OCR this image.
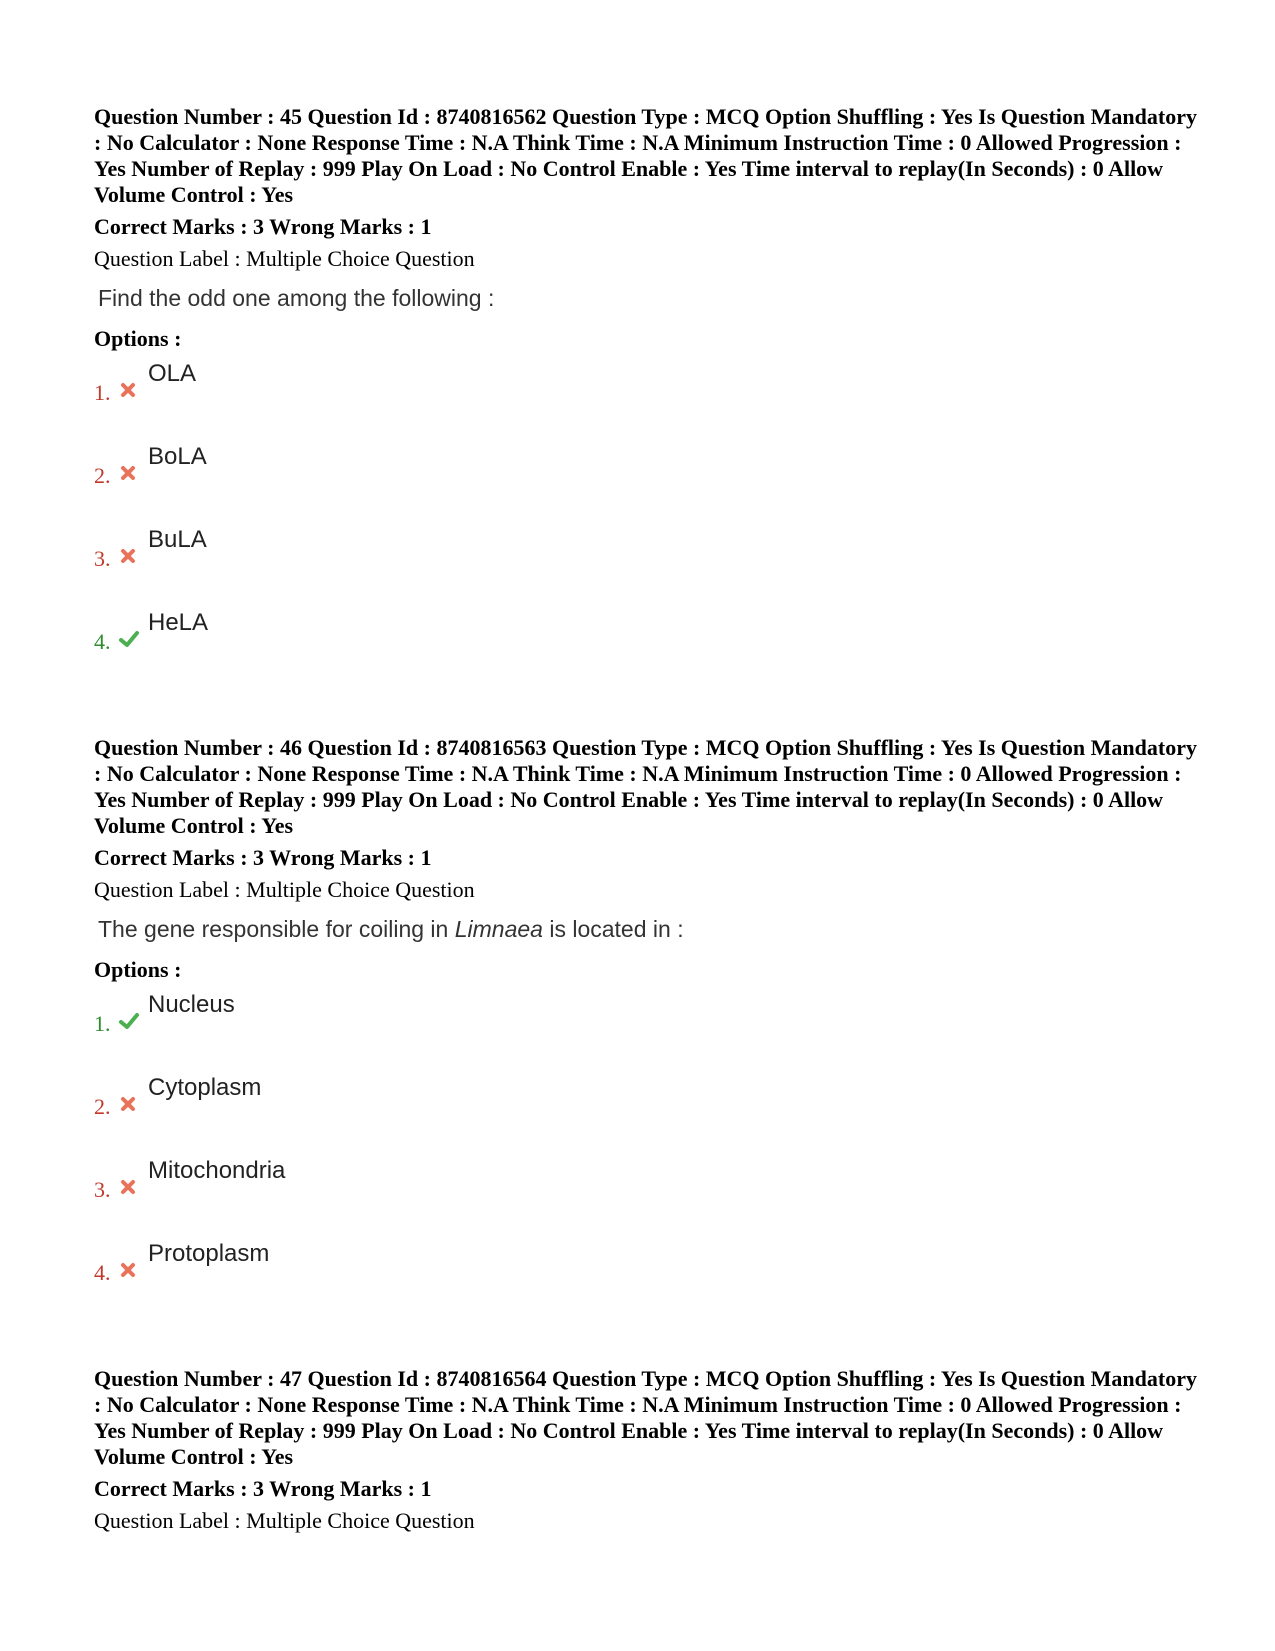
Question Number : 45 Question Id : 8740816562 Question Type : MCQ Option Shuffling : Yes Is Question Mandatory : No Calculator : None Response Time : N.A Think Time : N.A Minimum Instruction Time : 0 Allowed Progression : Yes Number of Replay : 999 Play On Load : No Control Enable : Yes Time interval to replay(In Seconds) : 0 Allow Volume Control : Yes

Correct Marks : 3 Wrong Marks : 1

Question Label : Multiple Choice Question

Find the odd one among the following :

Options :

1.
OLA
2.
BoLA
3.
BuLA
4.
HeLA

Question Number : 46 Question Id : 8740816563 Question Type : MCQ Option Shuffling : Yes Is Question Mandatory : No Calculator : None Response Time : N.A Think Time : N.A Minimum Instruction Time : 0 Allowed Progression : Yes Number of Replay : 999 Play On Load : No Control Enable : Yes Time interval to replay(In Seconds) : 0 Allow Volume Control : Yes

Correct Marks : 3 Wrong Marks : 1

Question Label : Multiple Choice Question

The gene responsible for coiling in Limnaea is located in :

Options :

1.
Nucleus
2.
Cytoplasm
3.
Mitochondria
4.
Protoplasm

Question Number : 47 Question Id : 8740816564 Question Type : MCQ Option Shuffling : Yes Is Question Mandatory : No Calculator : None Response Time : N.A Think Time : N.A Minimum Instruction Time : 0 Allowed Progression : Yes Number of Replay : 999 Play On Load : No Control Enable : Yes Time interval to replay(In Seconds) : 0 Allow Volume Control : Yes

Correct Marks : 3 Wrong Marks : 1

Question Label : Multiple Choice Question
